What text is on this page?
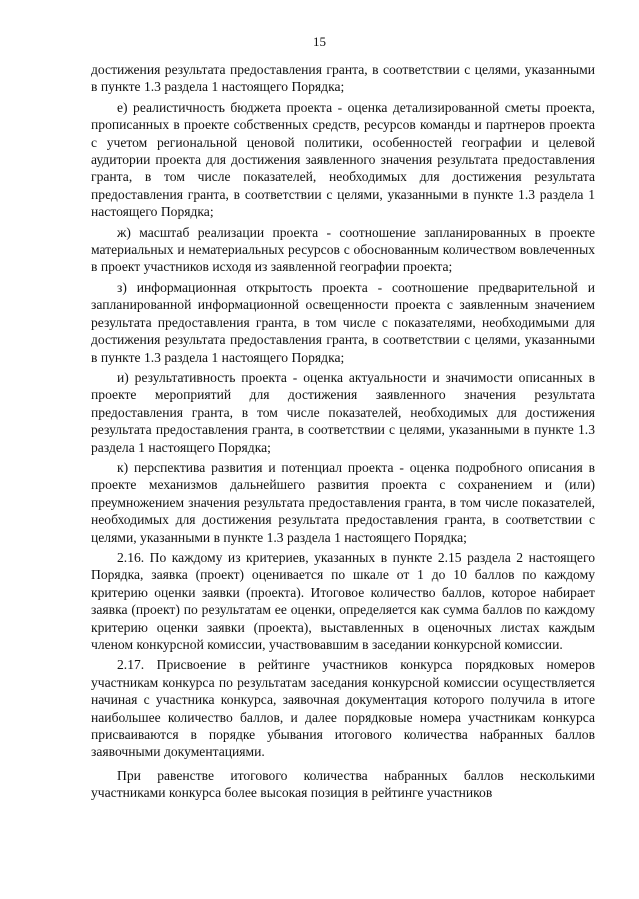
15

достижения результата предоставления гранта, в соответствии с целями, указанными в пункте 1.3 раздела 1 настоящего Порядка;

е) реалистичность бюджета проекта - оценка детализированной сметы проекта, прописанных в проекте собственных средств, ресурсов команды и партнеров проекта с учетом региональной ценовой политики, особенностей географии и целевой аудитории проекта для достижения заявленного значения результата предоставления гранта, в том числе показателей, необходимых для достижения результата предоставления гранта, в соответствии с целями, указанными в пункте 1.3 раздела 1 настоящего Порядка;

ж) масштаб реализации проекта - соотношение запланированных в проекте материальных и нематериальных ресурсов с обоснованным количеством вовлеченных в проект участников исходя из заявленной географии проекта;

з) информационная открытость проекта - соотношение предварительной и запланированной информационной освещенности проекта с заявленным значением результата предоставления гранта, в том числе с показателями, необходимыми для достижения результата предоставления гранта, в соответствии с целями, указанными в пункте 1.3 раздела 1 настоящего Порядка;

и) результативность проекта - оценка актуальности и значимости описанных в проекте мероприятий для достижения заявленного значения результата предоставления гранта, в том числе показателей, необходимых для достижения результата предоставления гранта, в соответствии с целями, указанными в пункте 1.3 раздела 1 настоящего Порядка;

к) перспектива развития и потенциал проекта - оценка подробного описания в проекте механизмов дальнейшего развития проекта с сохранением и (или) преумножением значения результата предоставления гранта, в том числе показателей, необходимых для достижения результата предоставления гранта, в соответствии с целями, указанными в пункте 1.3 раздела 1 настоящего Порядка;

2.16. По каждому из критериев, указанных в пункте 2.15 раздела 2 настоящего Порядка, заявка (проект) оценивается по шкале от 1 до 10 баллов по каждому критерию оценки заявки (проекта). Итоговое количество баллов, которое набирает заявка (проект) по результатам ее оценки, определяется как сумма баллов по каждому критерию оценки заявки (проекта), выставленных в оценочных листах каждым членом конкурсной комиссии, участвовавшим в заседании конкурсной комиссии.

2.17. Присвоение в рейтинге участников конкурса порядковых номеров участникам конкурса по результатам заседания конкурсной комиссии осуществляется начиная с участника конкурса, заявочная документация которого получила в итоге наибольшее количество баллов, и далее порядковые номера участникам конкурса присваиваются в порядке убывания итогового количества набранных баллов заявочными документациями.

При равенстве итогового количества набранных баллов несколькими участниками конкурса более высокая позиция в рейтинге участников
